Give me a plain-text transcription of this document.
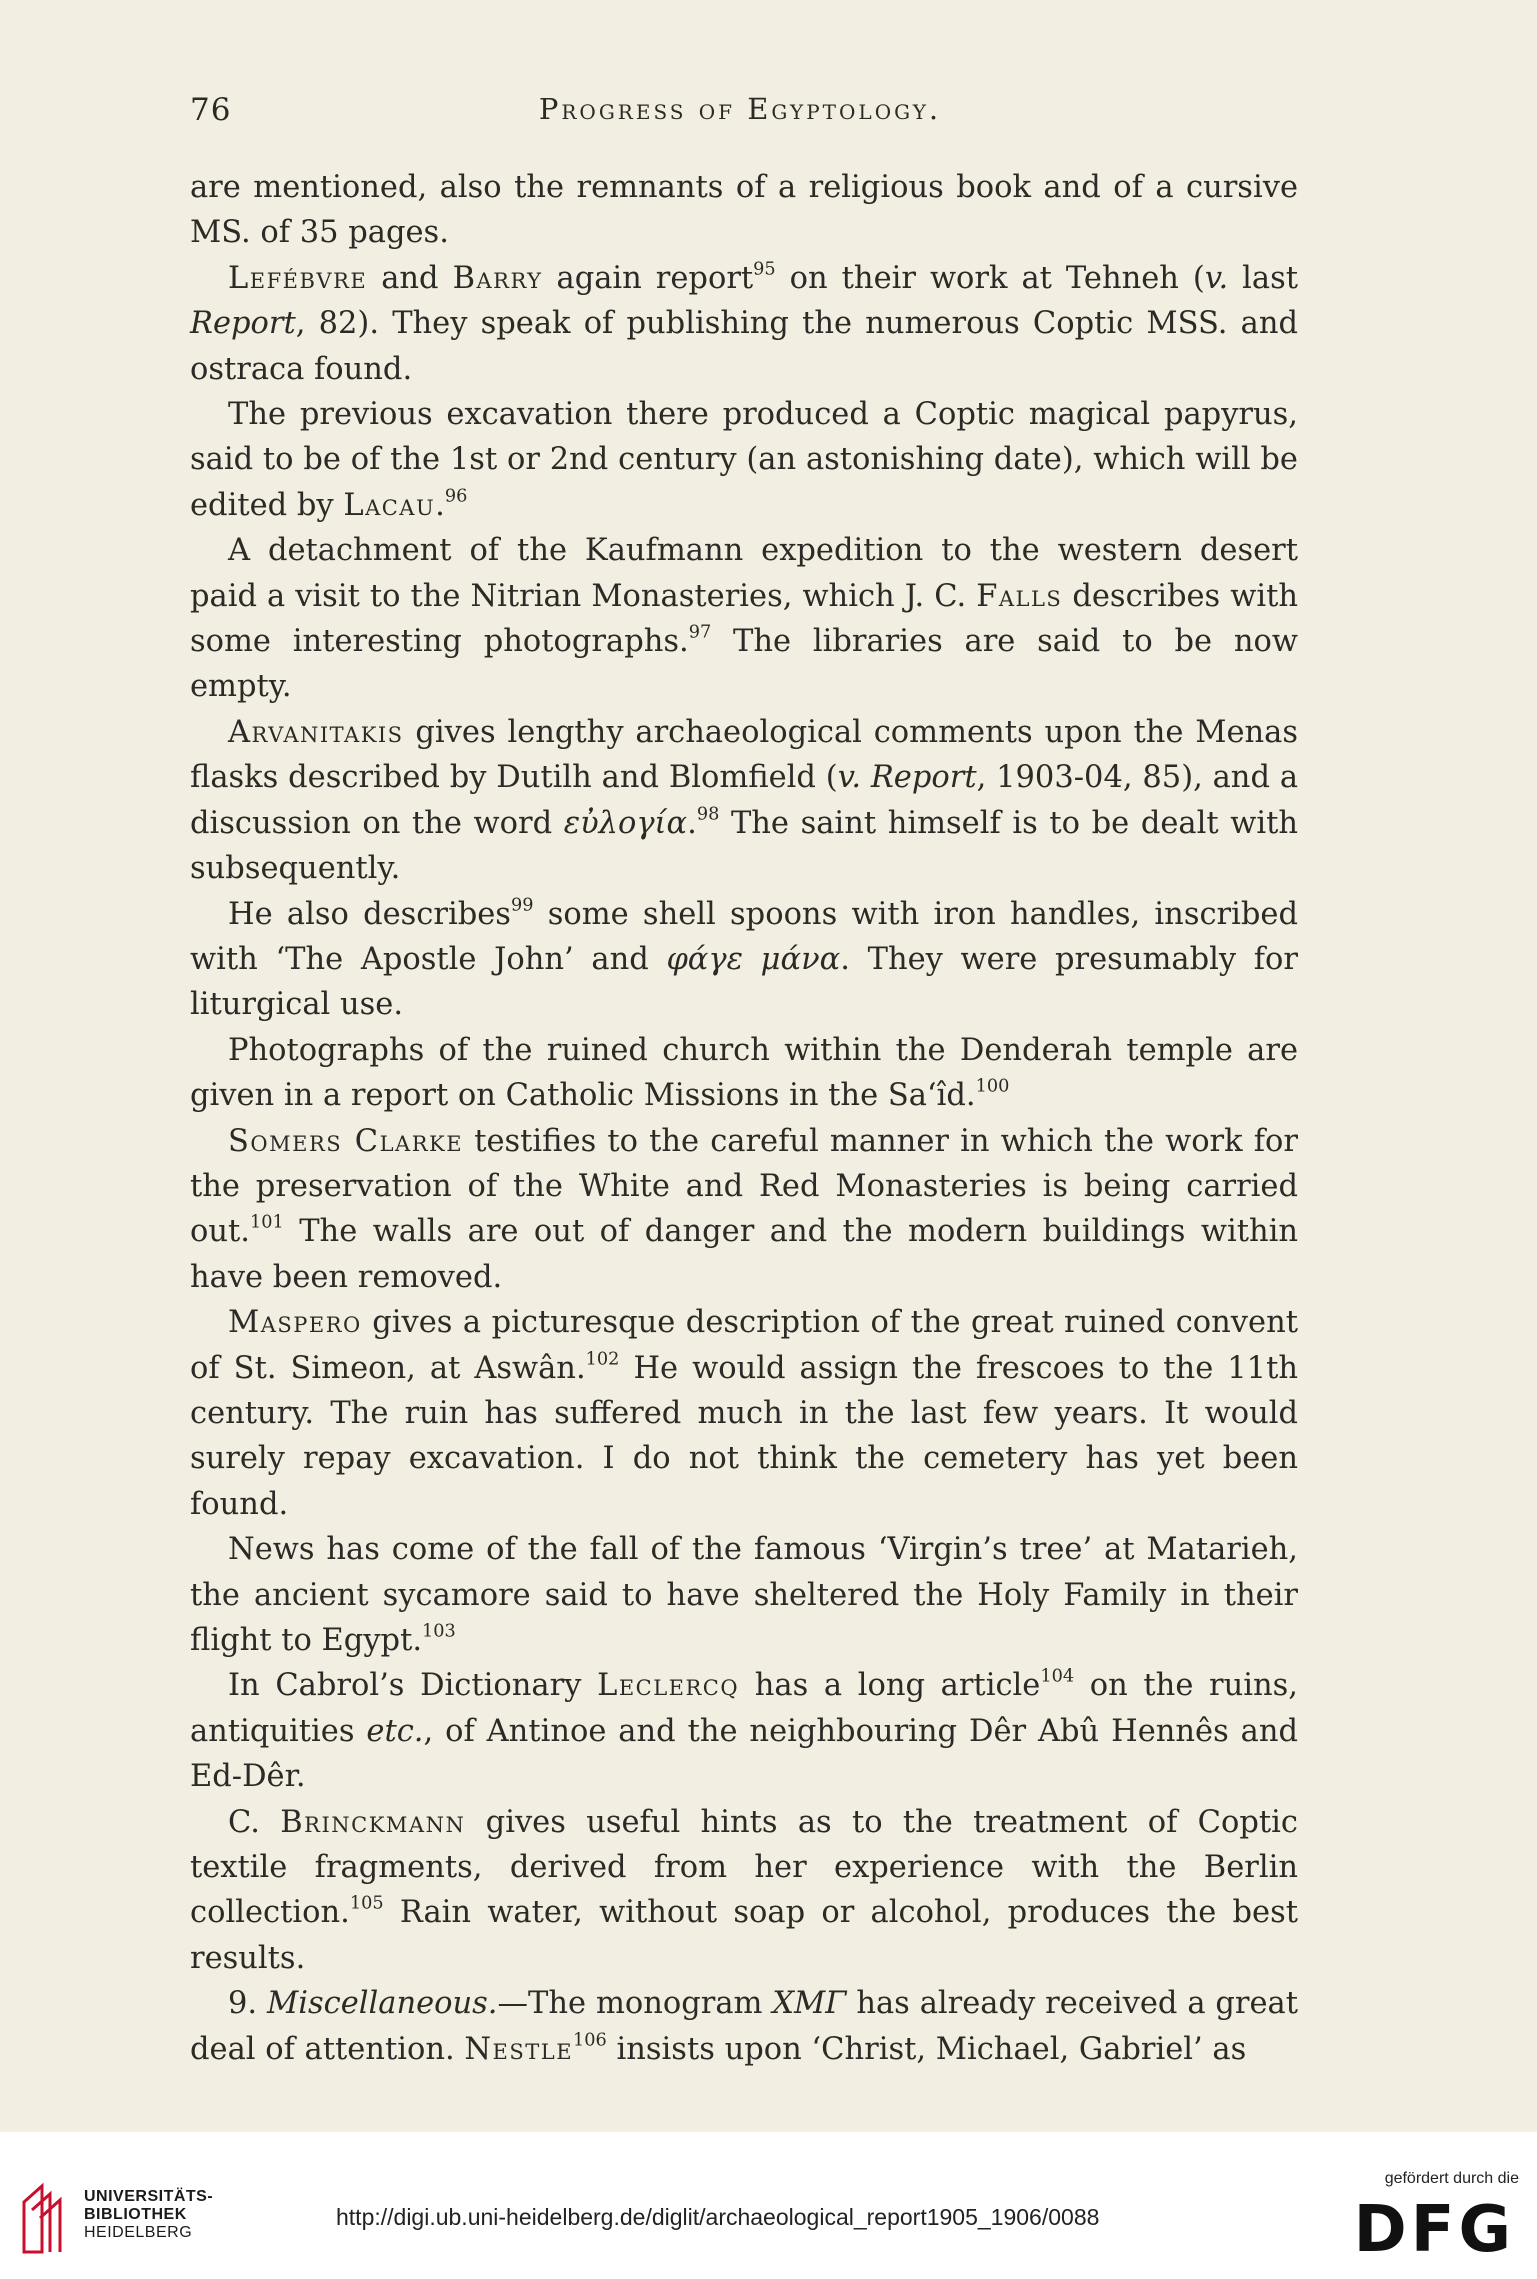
76	Progress of Egyptology.

are mentioned, also the remnants of a religious book and of a cursive MS. of 35 pages.

Lefébvre and Barry again report$^{95}$ on their work at Tehneh (v. last Report, 82). They speak of publishing the numerous Coptic MSS. and ostraca found.

The previous excavation there produced a Coptic magical papyrus, said to be of the 1st or 2nd century (an astonishing date), which will be edited by Lacau.$^{96}$

A detachment of the Kaufmann expedition to the western desert paid a visit to the Nitrian Monasteries, which J. C. Falls describes with some interesting photographs.$^{97}$ The libraries are said to be now empty.

Arvanitakis gives lengthy archaeological comments upon the Menas flasks described by Dutilh and Blomfield (v. Report, 1903-04, 85), and a discussion on the word εὐλογία.$^{98}$ The saint himself is to be dealt with subsequently.

He also describes$^{99}$ some shell spoons with iron handles, inscribed with ‘The Apostle John’ and φάγε μάνα. They were presumably for liturgical use.

Photographs of the ruined church within the Denderah temple are given in a report on Catholic Missions in the Sa‘îd.$^{100}$

Somers Clarke testifies to the careful manner in which the work for the preservation of the White and Red Monasteries is being carried out.$^{101}$ The walls are out of danger and the modern buildings within have been removed.

Maspero gives a picturesque description of the great ruined convent of St. Simeon, at Aswân.$^{102}$ He would assign the frescoes to the 11th century. The ruin has suffered much in the last few years. It would surely repay excavation. I do not think the cemetery has yet been found.

News has come of the fall of the famous ‘Virgin’s tree’ at Matarieh, the ancient sycamore said to have sheltered the Holy Family in their flight to Egypt.$^{103}$

In Cabrol’s Dictionary Leclercq has a long article$^{104}$ on the ruins, antiquities etc., of Antinoe and the neighbouring Dêr Abû Hennês and Ed-Dêr.

C. Brinckmann gives useful hints as to the treatment of Coptic textile fragments, derived from her experience with the Berlin collection.$^{105}$ Rain water, without soap or alcohol, produces the best results.

9. Miscellaneous.—The monogram XMΓ has already received a great deal of attention. Nestle$^{106}$ insists upon ‘Christ, Michael, Gabriel’ as

UNIVERSITÄTS-
BIBLIOTHEK
HEIDELBERG
http://digi.ub.uni-heidelberg.de/diglit/archaeological_report1905_1906/0088
gefördert durch die
DFG
